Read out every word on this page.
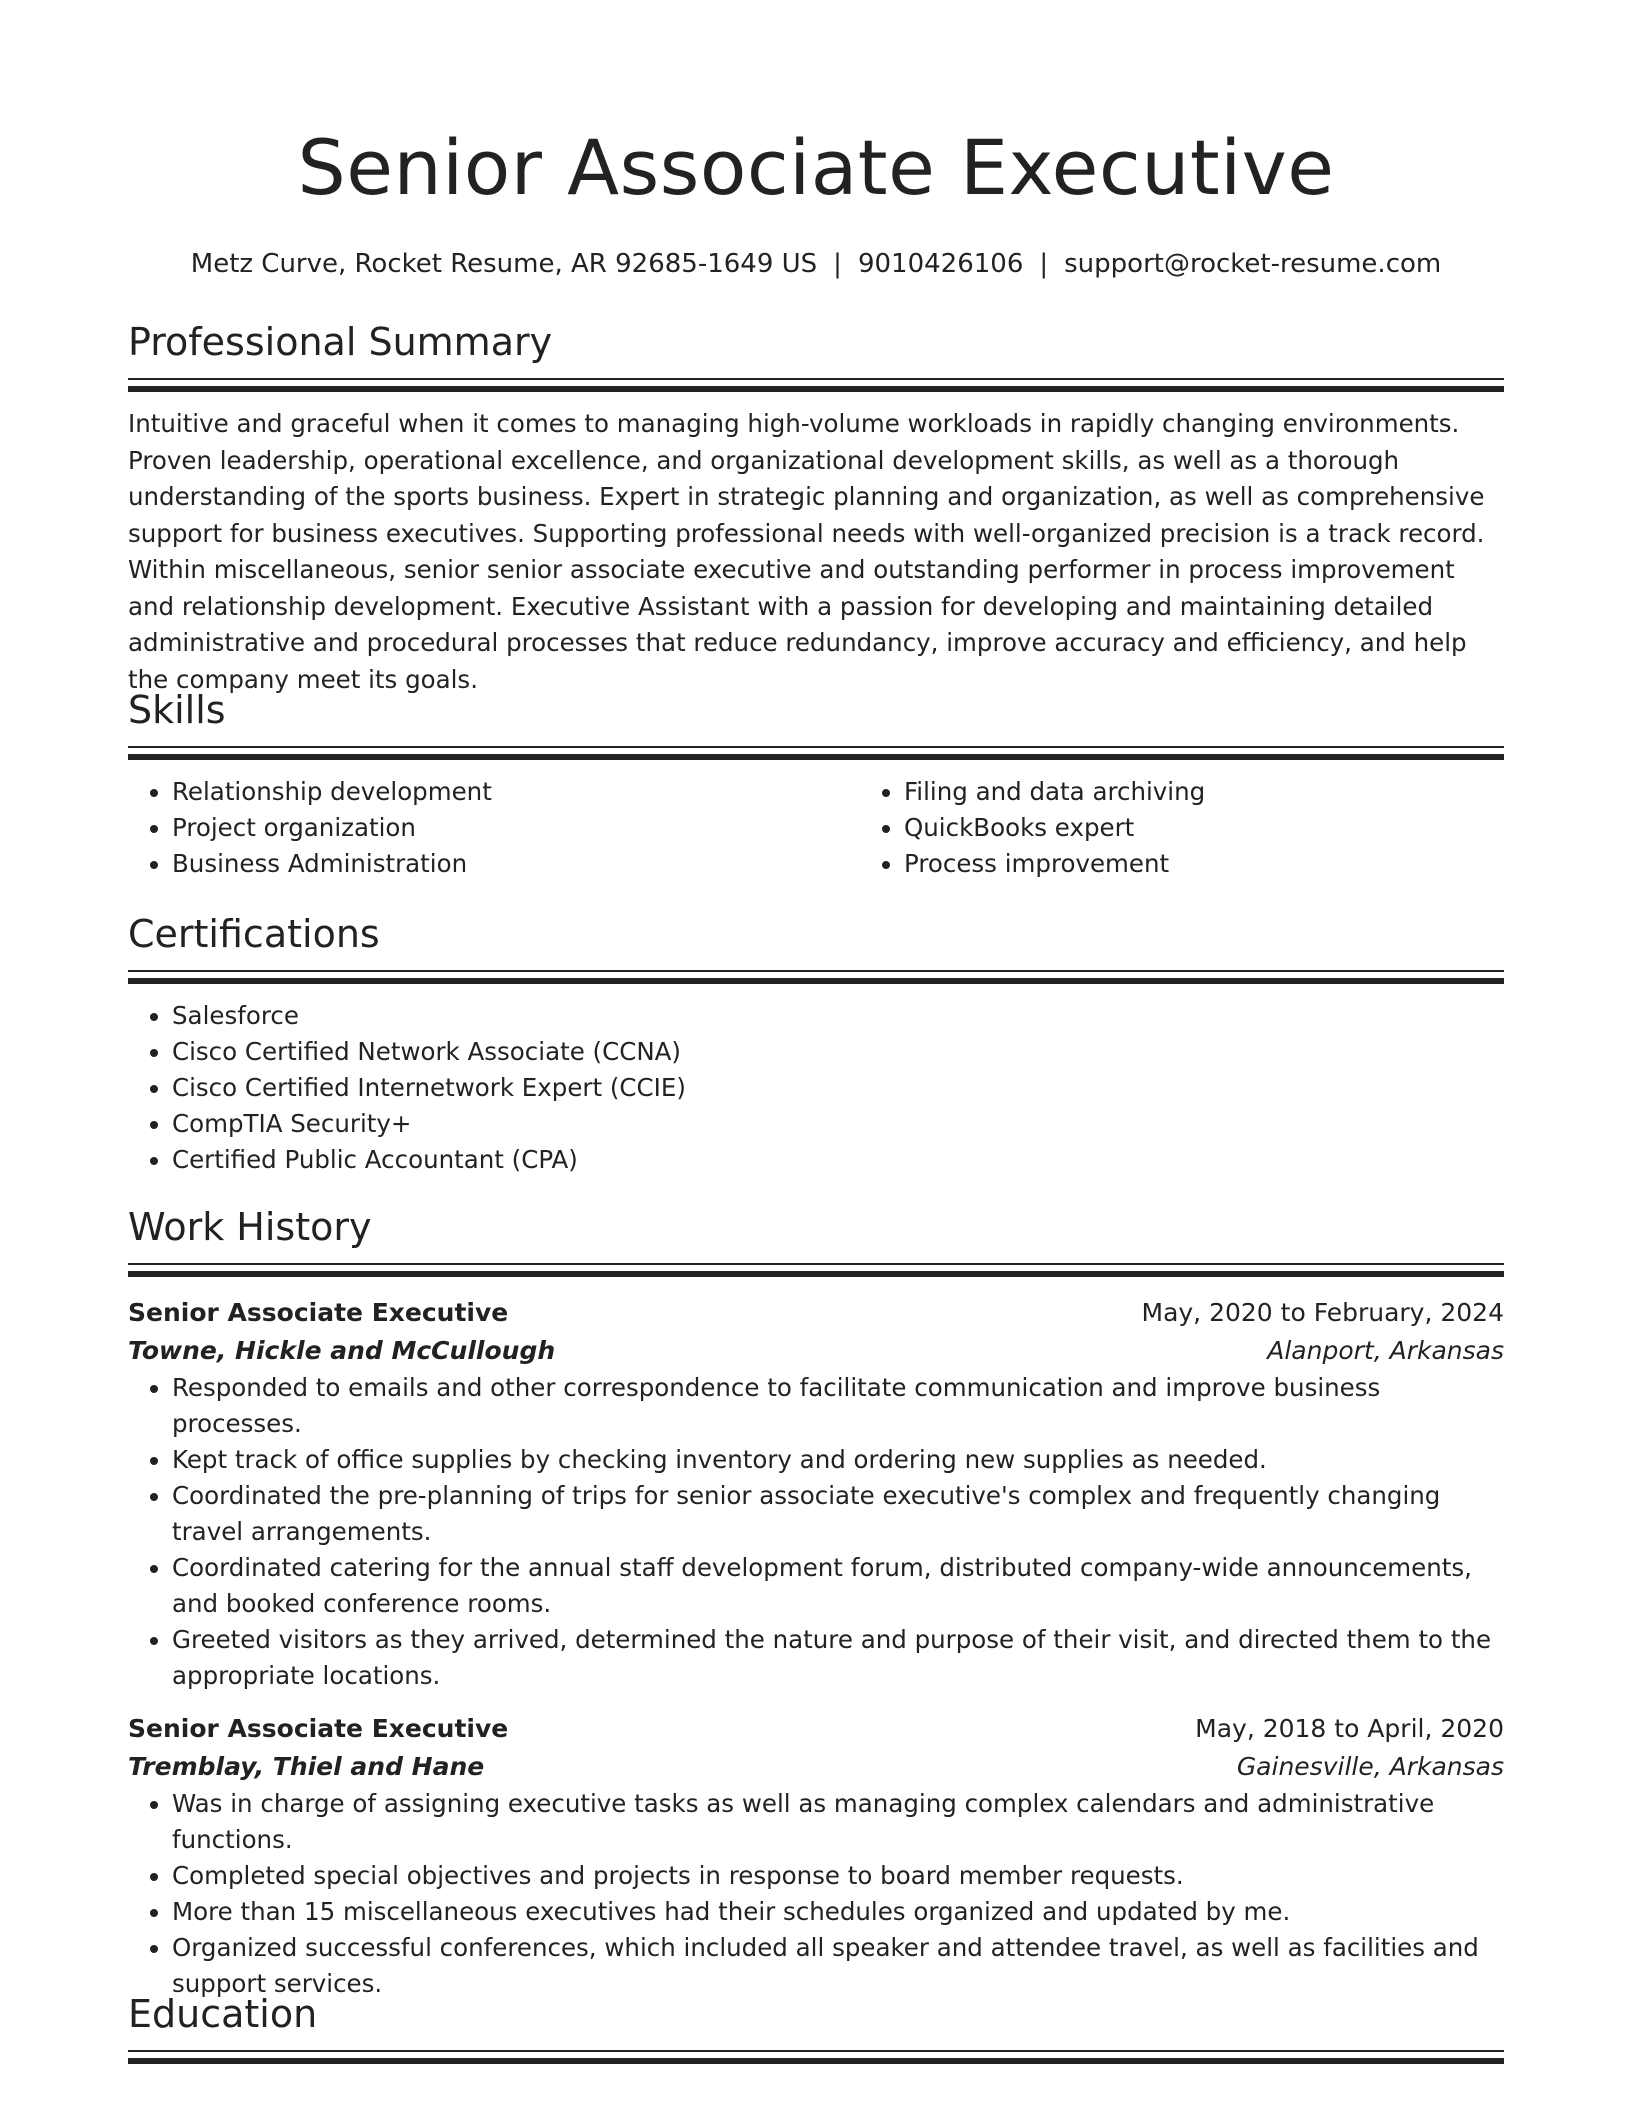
Senior Associate Executive
Metz Curve, Rocket Resume, AR 92685-1649 US | 9010426106 | support@rocket-resume.com
Professional Summary
Intuitive and graceful when it comes to managing high-volume workloads in rapidly changing environments. Proven leadership, operational excellence, and organizational development skills, as well as a thorough understanding of the sports business. Expert in strategic planning and organization, as well as comprehensive support for business executives. Supporting professional needs with well-organized precision is a track record. Within miscellaneous, senior senior associate executive and outstanding performer in process improvement and relationship development. Executive Assistant with a passion for developing and maintaining detailed administrative and procedural processes that reduce redundancy, improve accuracy and efficiency, and help the company meet its goals.
Skills
• Relationship development
• Project organization
• Business Administration
• Filing and data archiving
• QuickBooks expert
• Process improvement
Certifications
• Salesforce
• Cisco Certified Network Associate (CCNA)
• Cisco Certified Internetwork Expert (CCIE)
• CompTIA Security+
• Certified Public Accountant (CPA)
Work History
Senior Associate Executive	May, 2020 to February, 2024
Towne, Hickle and McCullough	Alanport, Arkansas
• Responded to emails and other correspondence to facilitate communication and improve business processes.
• Kept track of office supplies by checking inventory and ordering new supplies as needed.
• Coordinated the pre-planning of trips for senior associate executive's complex and frequently changing travel arrangements.
• Coordinated catering for the annual staff development forum, distributed company-wide announcements, and booked conference rooms.
• Greeted visitors as they arrived, determined the nature and purpose of their visit, and directed them to the appropriate locations.
Senior Associate Executive	May, 2018 to April, 2020
Tremblay, Thiel and Hane	Gainesville, Arkansas
• Was in charge of assigning executive tasks as well as managing complex calendars and administrative functions.
• Completed special objectives and projects in response to board member requests.
• More than 15 miscellaneous executives had their schedules organized and updated by me.
• Organized successful conferences, which included all speaker and attendee travel, as well as facilities and support services.
Education
